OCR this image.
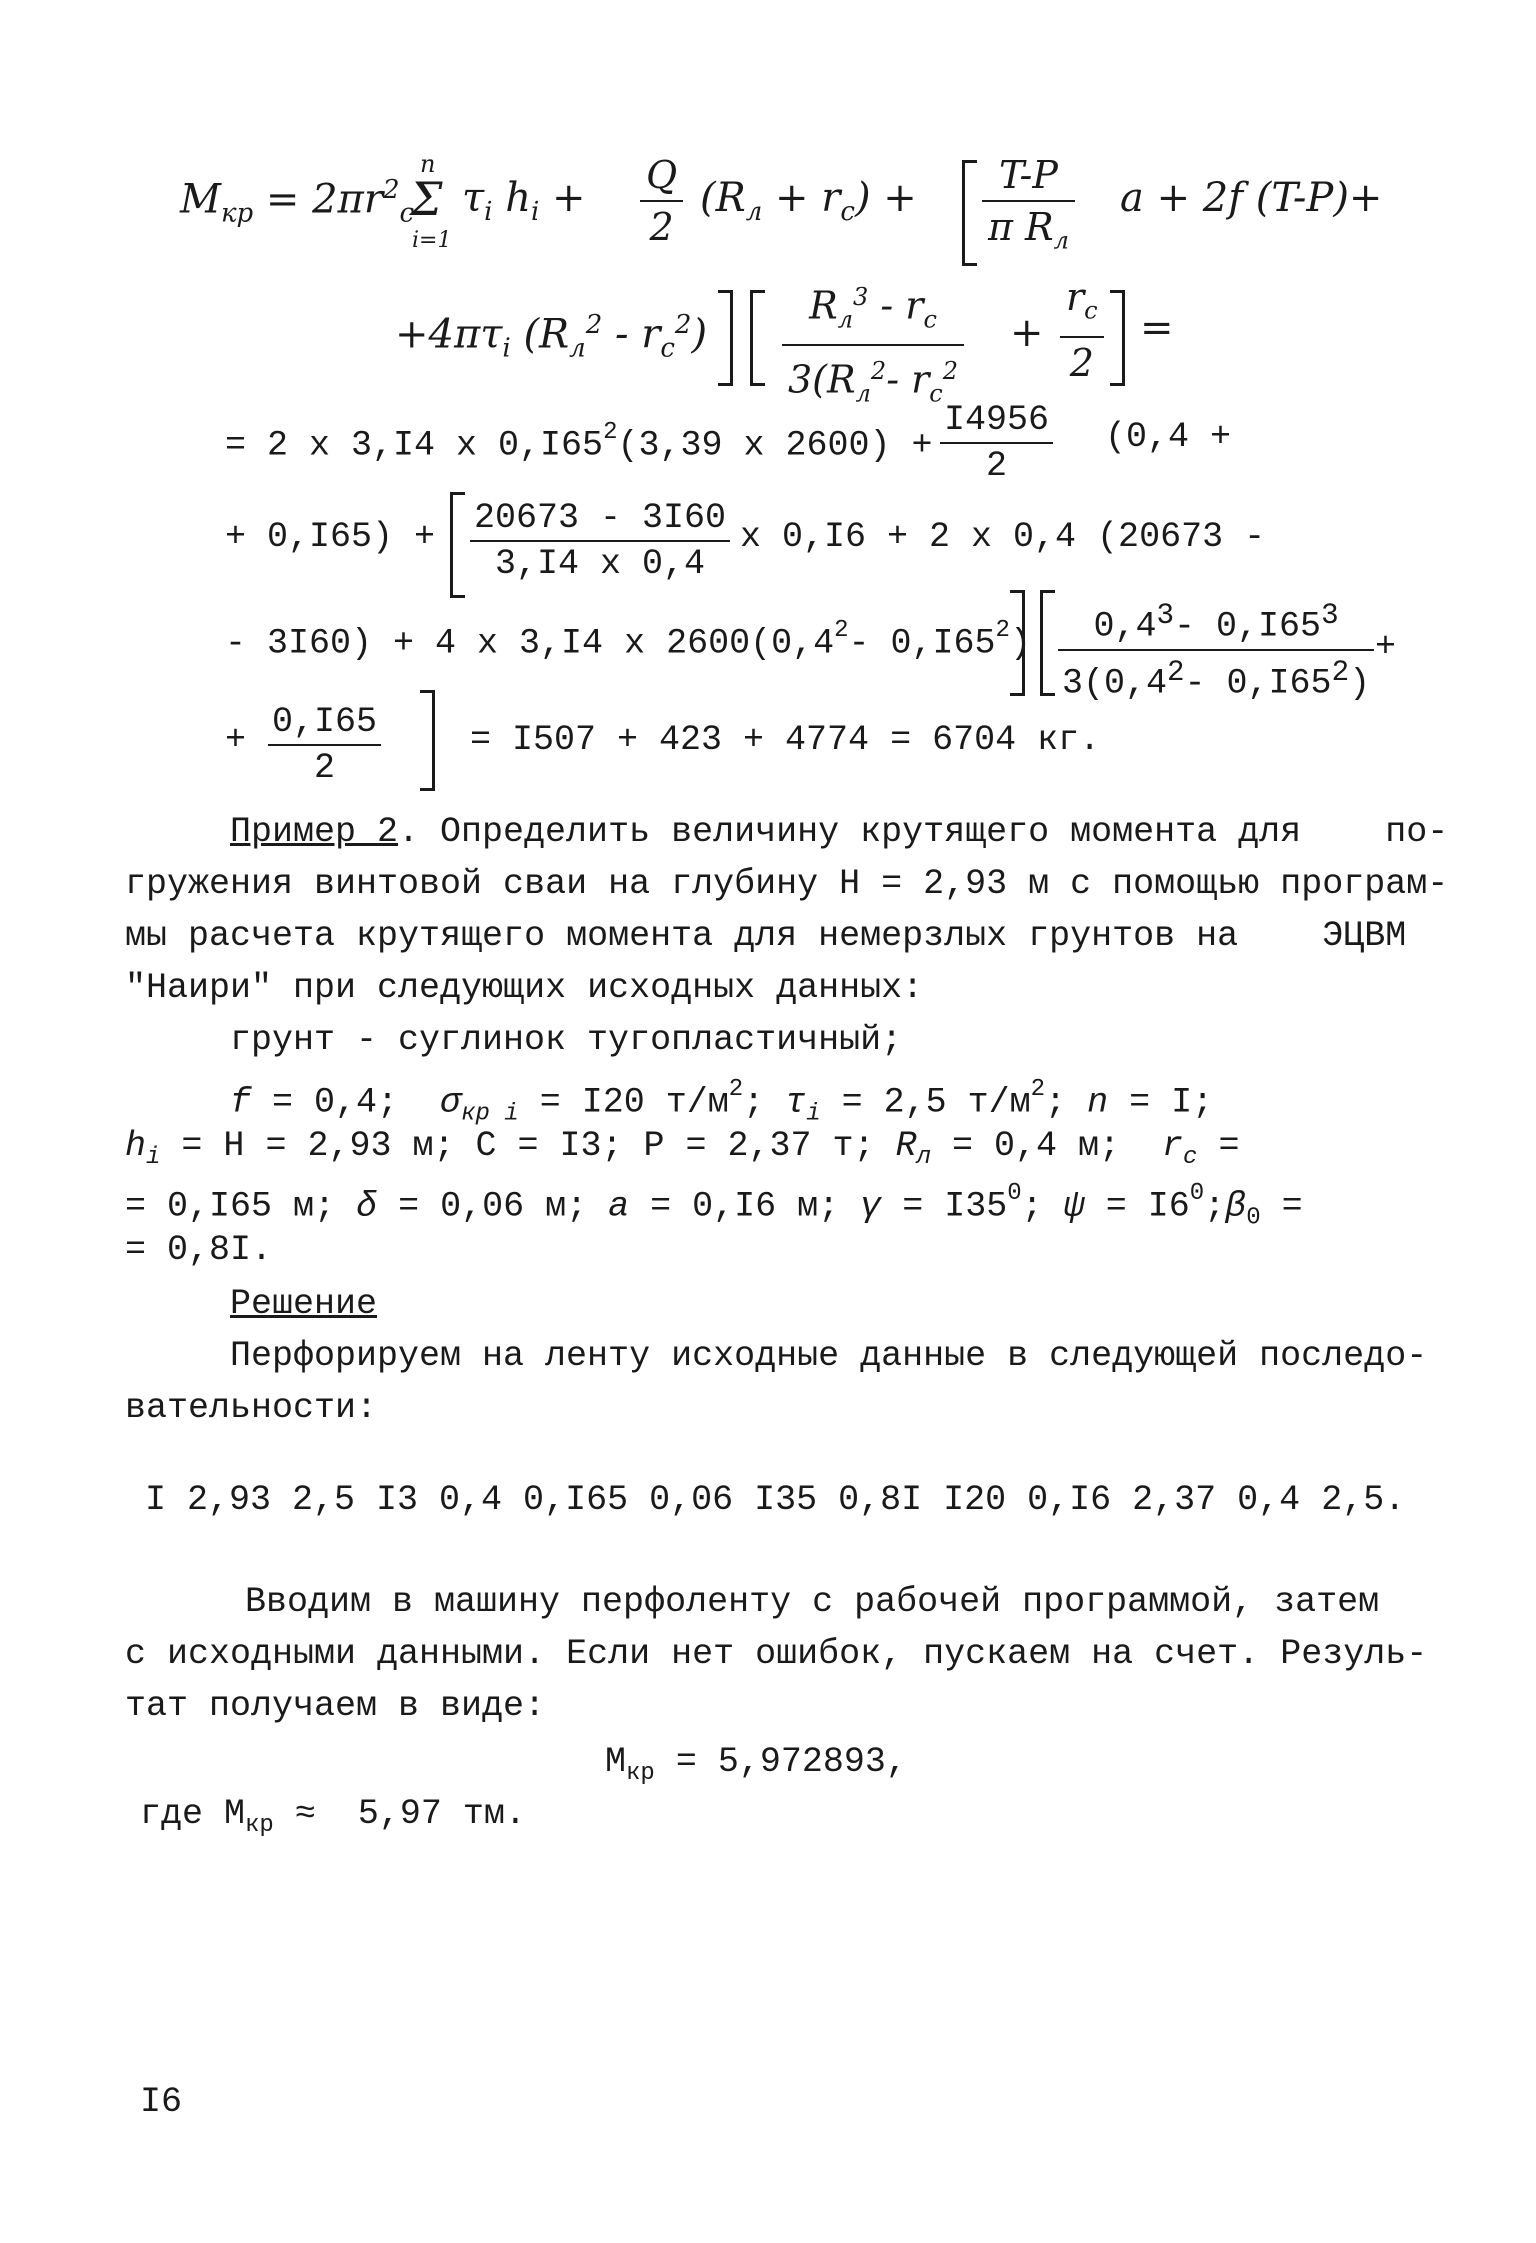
$M_{кр} = 2\pi r^2_c$
n
Σ
i=1
$\tau_i$ $h_i + \frac{Q}{2} (R_л + r_c)$ +	T-P
π $R_л$
a + 2f (T-P)+
$+4\pi\tau_i$ $(R_л^2 - r_c^2)$
$R_л^3 - r_c$
$3(R_л^2-$ $r_c^2$
+ $\frac{r_c}{2}$ =
= 2 x 3,I4 x $0,I65^2(3,39$ x $2600) + \frac{I4956}{2} (0,4$ +
+ $0,I65) + \frac{20673 - 3I60}{3,I4 x 0,4}$ x 0,I6 + 2 x 0,4 (20673 -
- 3I60) + 4 x 3,I4 x $2600(0,4^2-$ $0,I65^2) \frac{0,4^3- 0,I65^3}{3(0,4^2- 0,I65^2)}$ +
+ $\frac{0,I65}{2}$	= I507 + 423 + 4774 = 6704 кг.
Пример 2. Определить величину крутящего момента для    по-
гружения винтовой сваи на глубину H = 2,93 м с помощью програм-
мы расчета крутящего момента для немерзлых грунтов на    ЭЦВМ
"Наири" при следующих исходных данных:
грунт - суглинок тугопластичный;
f = 0,4; $\sigma_{кр i} = I20$ $т/м^2$; $\tau_i = 2,5$ $т/м^2$; n = I;
$h_i = H = 2,93$ м; C = I3; P = 2,37 т; $R_л = 0,4$ м; $r_c$ =
= 0,I65 м; δ = 0,06 м; a = 0,I6 м; $\gamma = I35^0$; $\psi = I6^0;\beta_0$ =
= 0,8I.
Решение
Перфорируем на ленту исходные данные в следующей последо-
вательности:
I 2,93 2,5 I3 0,4 0,I65 0,06 I35 0,8I I20 0,I6 2,37 0,4 2,5.
Вводим в машину перфоленту с рабочей программой, затем
с исходными данными. Если нет ошибок, пускаем на счет. Резуль-
тат получаем в виде:
$M_{кр} = 5,972893$,
где $M_{кр} \approx 5,97$ тм.
I6
